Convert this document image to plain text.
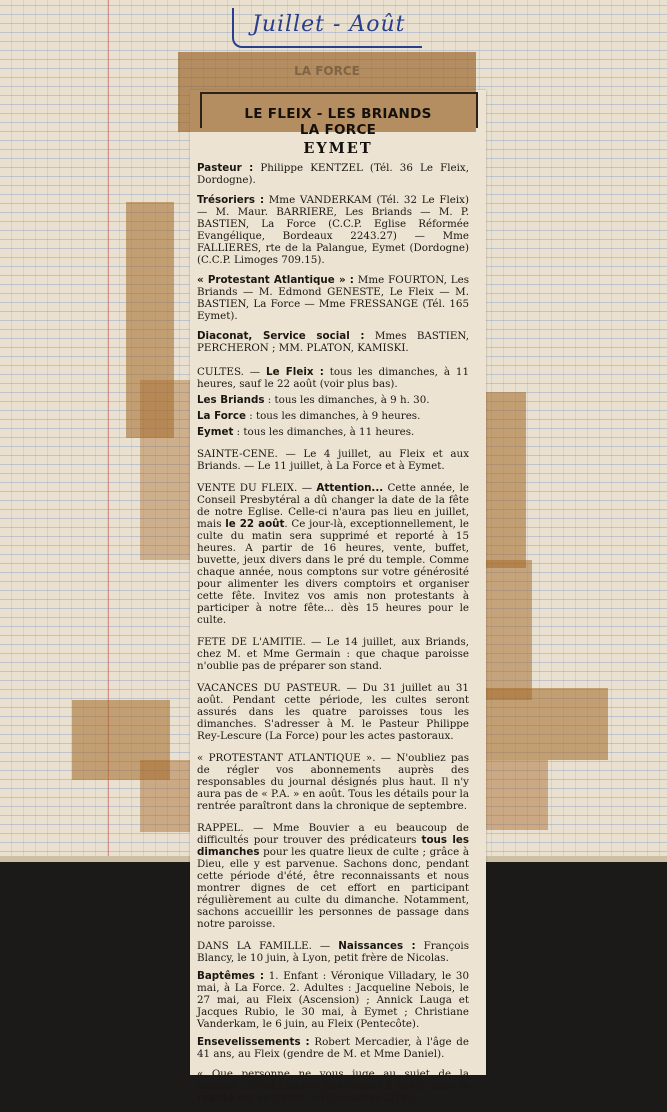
Juillet - Août
LA FORCE
LE FLEIX - LES BRIANDS
LA FORCE
EYMET

Pasteur : Philippe KENTZEL (Tél. 36 Le Fleix, Dordogne).

Trésoriers : Mme VANDERKAM (Tél. 32 Le Fleix) — M. Maur. BARRIERE, Les Briands — M. P. BASTIEN, La Force (C.C.P. Eglise Réformée Evangélique, Bordeaux 2243.27) — Mme FALLIERES, rte de la Palangue, Eymet (Dordogne) (C.C.P. Limoges 709.15).

« Protestant Atlantique » : Mme FOURTON, Les Briands — M. Edmond GENESTE, Le Fleix — M. BASTIEN, La Force — Mme FRESSANGE (Tél. 165 Eymet).

Diaconat, Service social : Mmes BASTIEN, PERCHERON ; MM. PLATON, KAMISKI.

CULTES. — Le Fleix : tous les dimanches, à 11 heures, sauf le 22 août (voir plus bas).

Les Briands : tous les dimanches, à 9 h. 30.

La Force : tous les dimanches, à 9 heures.

Eymet : tous les dimanches, à 11 heures.

SAINTE-CENE. — Le 4 juillet, au Fleix et aux Briands. — Le 11 juillet, à La Force et à Eymet.

VENTE DU FLEIX. — Attention... Cette année, le Conseil Presbytéral a dû changer la date de la fête de notre Eglise. Celle-ci n'aura pas lieu en juillet, mais le 22 août. Ce jour-là, exceptionnellement, le culte du matin sera supprimé et reporté à 15 heures. A partir de 16 heures, vente, buffet, buvette, jeux divers dans le pré du temple. Comme chaque année, nous comptons sur votre générosité pour alimenter les divers comptoirs et organiser cette fête. Invitez vos amis non protestants à participer à notre fête... dès 15 heures pour le culte.

FETE DE L'AMITIE. — Le 14 juillet, aux Briands, chez M. et Mme Germain : que chaque paroisse n'oublie pas de préparer son stand.

VACANCES DU PASTEUR. — Du 31 juillet au 31 août. Pendant cette période, les cultes seront assurés dans les quatre paroisses tous les dimanches. S'adresser à M. le Pasteur Philippe Rey-Lescure (La Force) pour les actes pastoraux.

« PROTESTANT ATLANTIQUE ». — N'oubliez pas de régler vos abonnements auprès des responsables du journal désignés plus haut. Il n'y aura pas de « P.A. » en août. Tous les détails pour la rentrée paraîtront dans la chronique de septembre.

RAPPEL. — Mme Bouvier a eu beaucoup de difficultés pour trouver des prédicateurs tous les dimanches pour les quatre lieux de culte ; grâce à Dieu, elle y est parvenue. Sachons donc, pendant cette période d'été, être reconnaissants et nous montrer dignes de cet effort en participant régulièrement au culte du dimanche. Notamment, sachons accueillir les personnes de passage dans notre paroisse.

DANS LA FAMILLE. — Naissances : François Blancy, le 10 juin, à Lyon, petit frère de Nicolas.

Baptêmes : 1. Enfant : Véronique Villadary, le 30 mai, à La Force. 2. Adultes : Jacqueline Nebois, le 27 mai, au Fleix (Ascension) ; Annick Lauga et Jacques Rubio, le 30 mai, à Eymet ; Christiane Vanderkam, le 6 juin, au Fleix (Pentecôte).

Ensevelissements : Robert Mercadier, à l'âge de 41 ans, au Fleix (gendre de M. et Mme Daniel).

« Que personne ne vous juge au sujet de la boisson... c'est l'ombre des choses à venir, mais la réalité est en Christ. » (Colossiens 2/16.)
